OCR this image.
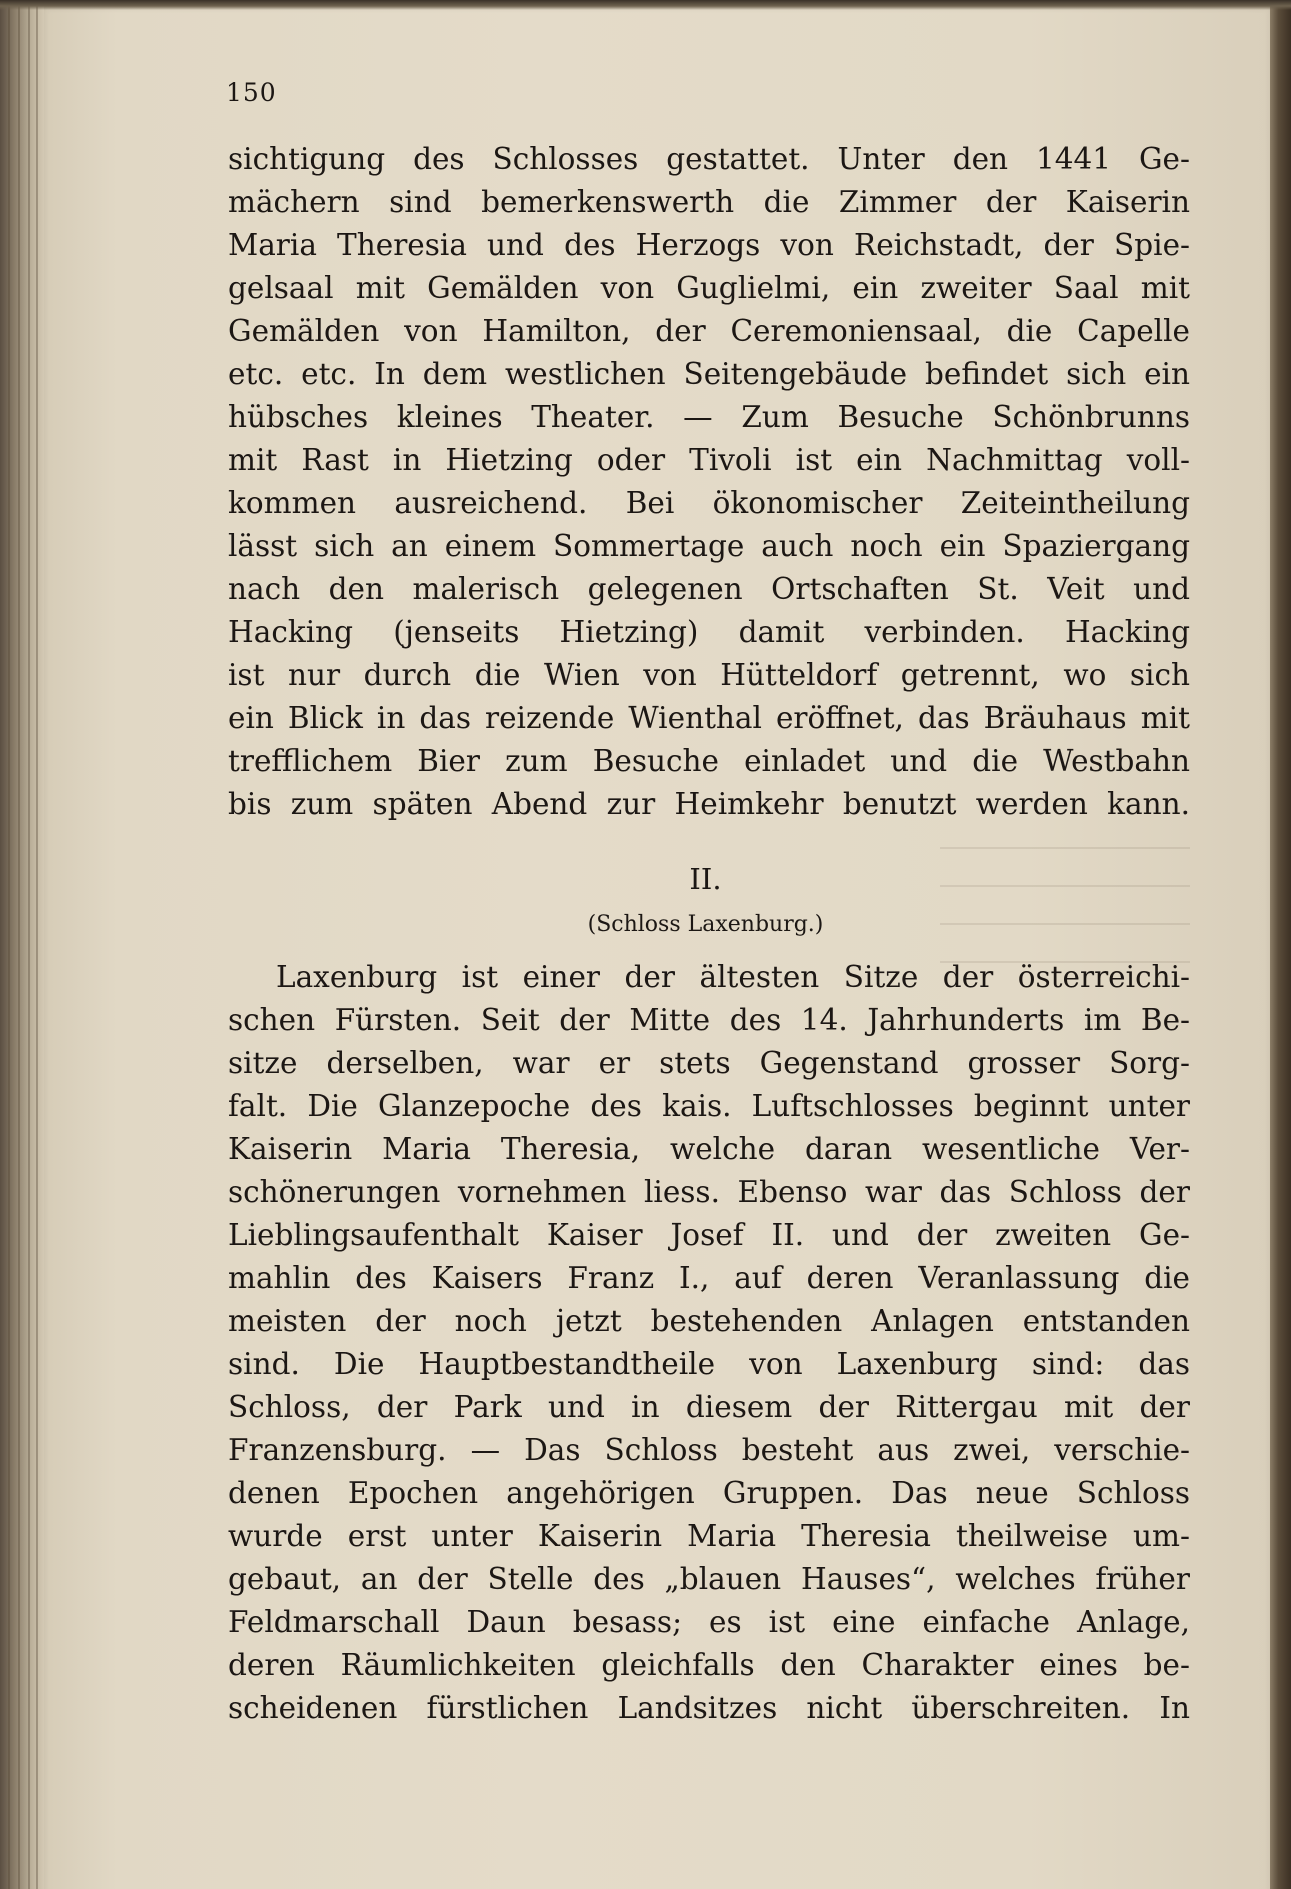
150
sichtigung des Schlosses gestattet. Unter den 1441 Ge-
mächern sind bemerkenswerth die Zimmer der Kaiserin
Maria Theresia und des Herzogs von Reichstadt, der Spie-
gelsaal mit Gemälden von Guglielmi, ein zweiter Saal mit
Gemälden von Hamilton, der Ceremoniensaal, die Capelle
etc. etc. In dem westlichen Seitengebäude befindet sich ein
hübsches kleines Theater. — Zum Besuche Schönbrunns
mit Rast in Hietzing oder Tivoli ist ein Nachmittag voll-
kommen ausreichend. Bei ökonomischer Zeiteintheilung
lässt sich an einem Sommertage auch noch ein Spaziergang
nach den malerisch gelegenen Ortschaften St. Veit und
Hacking (jenseits Hietzing) damit verbinden. Hacking
ist nur durch die Wien von Hütteldorf getrennt, wo sich
ein Blick in das reizende Wienthal eröffnet, das Bräuhaus mit
trefflichem Bier zum Besuche einladet und die Westbahn
bis zum späten Abend zur Heimkehr benutzt werden kann.
II.
(Schloss Laxenburg.)
Laxenburg ist einer der ältesten Sitze der österreichi-
schen Fürsten. Seit der Mitte des 14. Jahrhunderts im Be-
sitze derselben, war er stets Gegenstand grosser Sorg-
falt. Die Glanzepoche des kais. Luftschlosses beginnt unter
Kaiserin Maria Theresia, welche daran wesentliche Ver-
schönerungen vornehmen liess. Ebenso war das Schloss der
Lieblingsaufenthalt Kaiser Josef II. und der zweiten Ge-
mahlin des Kaisers Franz I., auf deren Veranlassung die
meisten der noch jetzt bestehenden Anlagen entstanden
sind. Die Hauptbestandtheile von Laxenburg sind: das
Schloss, der Park und in diesem der Rittergau mit der
Franzensburg. — Das Schloss besteht aus zwei, verschie-
denen Epochen angehörigen Gruppen. Das neue Schloss
wurde erst unter Kaiserin Maria Theresia theilweise um-
gebaut, an der Stelle des „blauen Hauses“, welches früher
Feldmarschall Daun besass; es ist eine einfache Anlage,
deren Räumlichkeiten gleichfalls den Charakter eines be-
scheidenen fürstlichen Landsitzes nicht überschreiten. In
